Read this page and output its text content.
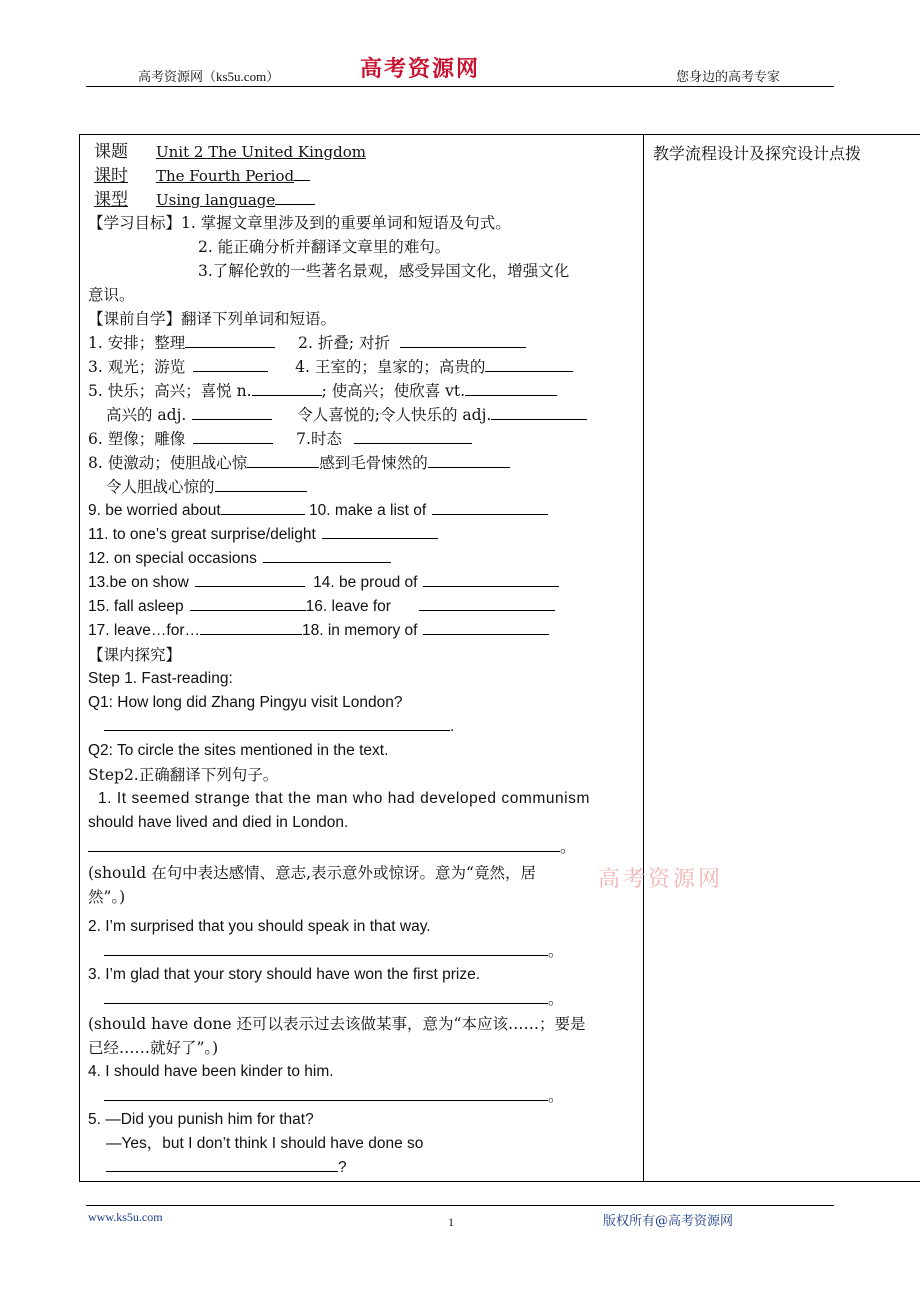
高考资源网（ks5u.com）	高考资源网	您身边的高考专家
教学流程设计及探究设计点拨
高考资源网
课题 Unit 2 The United Kingdom
课时 The Fourth Period
课型 Using language
【学习目标】1. 掌握文章里涉及到的重要单词和短语及句式。
2. 能正确分析并翻译文章里的难句。
3.了解伦敦的一些著名景观，感受异国文化，增强文化
意识。
【课前自学】翻译下列单词和短语。
1. 安排；整理	2. 折叠; 对折
3. 观光；游览	4. 王室的；皇家的；高贵的
5. 快乐；高兴；喜悦 n.	; 使高兴；使欣喜 vt.
高兴的 adj.	令人喜悦的;令人快乐的 adj.
6. 塑像；雕像	7.时态
8. 使激动；使胆战心惊	感到毛骨悚然的
令人胆战心惊的
9. be worried about	10. make a list of
11. to one’s great surprise/delight
12. on special occasions
13.be on show	14. be proud of
15. fall asleep	16. leave for
17. leave…for…	18. in memory of
【课内探究】
Step 1. Fast-reading:
Q1: How long did Zhang Pingyu visit London?
.
Q2: To circle the sites mentioned in the text.
Step2.正确翻译下列句子。
1. It seemed strange that the man who had developed communism
should have lived and died in London.
。
(should 在句中表达感情、意志,表示意外或惊讶。意为“竟然，居
然”。)
2. I’m surprised that you should speak in that way.
。
3. I’m glad that your story should have won the first prize.
。
(should have done 还可以表示过去该做某事，意为“本应该……；要是
已经……就好了”。)
4. I should have been kinder to him.
。
5. —Did you punish him for that?
—Yes，but I don’t think I should have done so
?
www.ks5u.com	1	版权所有@高考资源网
